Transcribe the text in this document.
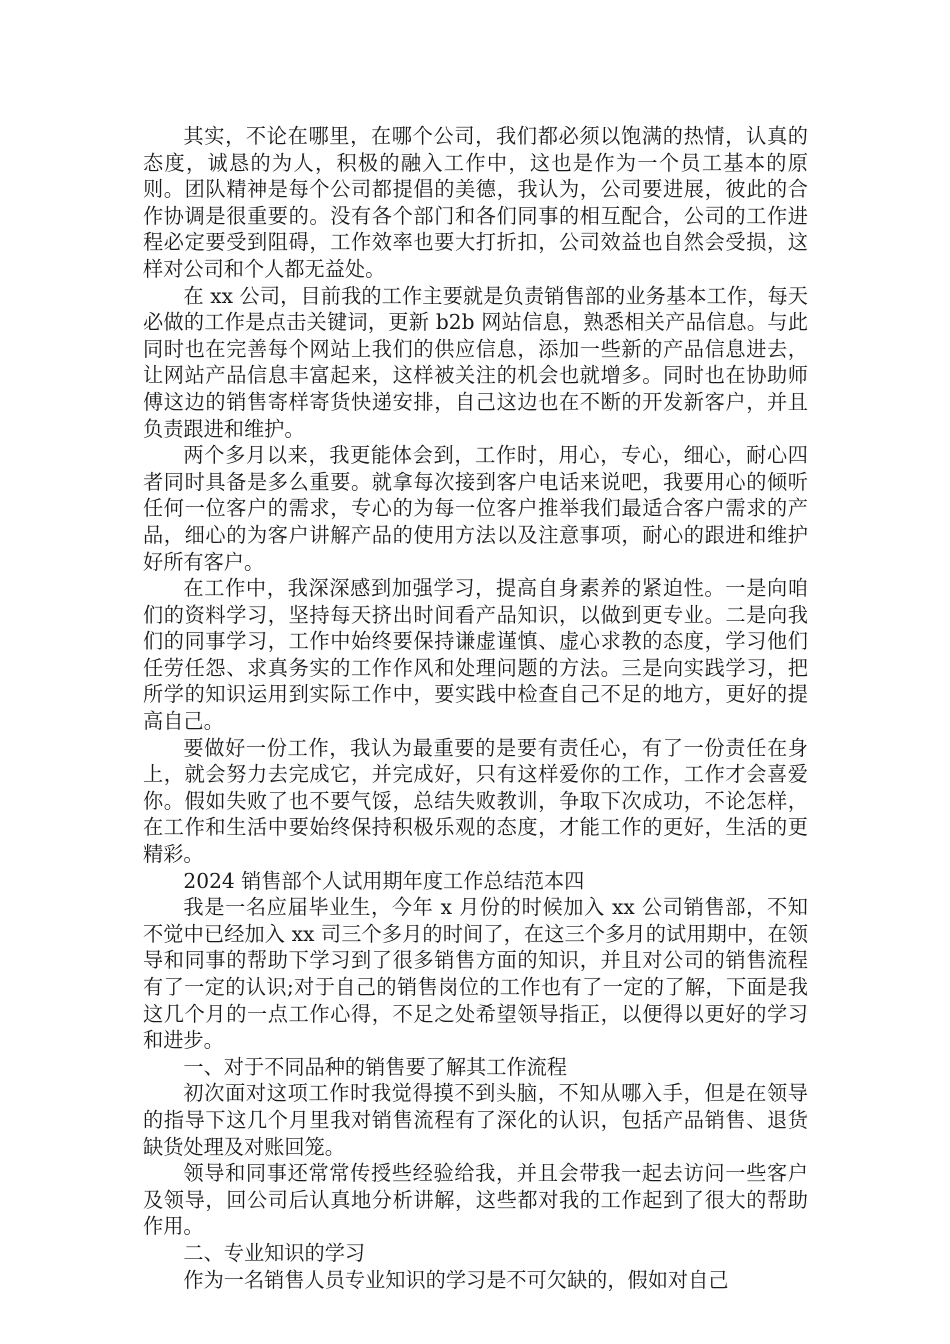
其实，不论在哪里，在哪个公司，我们都必须以饱满的热情，认真的态度，诚恳的为人，积极的融入工作中，这也是作为一个员工基本的原则。团队精神是每个公司都提倡的美德，我认为，公司要进展，彼此的合作协调是很重要的。没有各个部门和各们同事的相互配合，公司的工作进程必定要受到阻碍，工作效率也要大打折扣，公司效益也自然会受损，这样对公司和个人都无益处。

在 xx 公司，目前我的工作主要就是负责销售部的业务基本工作，每天必做的工作是点击关键词，更新 b2b 网站信息，熟悉相关产品信息。与此同时也在完善每个网站上我们的供应信息，添加一些新的产品信息进去，让网站产品信息丰富起来，这样被关注的机会也就增多。同时也在协助师傅这边的销售寄样寄货快递安排，自己这边也在不断的开发新客户，并且负责跟进和维护。

两个多月以来，我更能体会到，工作时，用心，专心，细心，耐心四者同时具备是多么重要。就拿每次接到客户电话来说吧，我要用心的倾听任何一位客户的需求，专心的为每一位客户推举我们最适合客户需求的产品，细心的为客户讲解产品的使用方法以及注意事项，耐心的跟进和维护好所有客户。

在工作中，我深深感到加强学习，提高自身素养的紧迫性。一是向咱们的资料学习，坚持每天挤出时间看产品知识，以做到更专业。二是向我们的同事学习，工作中始终要保持谦虚谨慎、虚心求教的态度，学习他们任劳任怨、求真务实的工作作风和处理问题的方法。三是向实践学习，把所学的知识运用到实际工作中，要实践中检查自己不足的地方，更好的提高自己。

要做好一份工作，我认为最重要的是要有责任心，有了一份责任在身上，就会努力去完成它，并完成好，只有这样爱你的工作，工作才会喜爱你。假如失败了也不要气馁，总结失败教训，争取下次成功，不论怎样，在工作和生活中要始终保持积极乐观的态度，才能工作的更好，生活的更精彩。

2024 销售部个人试用期年度工作总结范本四

我是一名应届毕业生，今年 x 月份的时候加入 xx 公司销售部，不知不觉中已经加入 xx 司三个多月的时间了，在这三个多月的试用期中，在领导和同事的帮助下学习到了很多销售方面的知识，并且对公司的销售流程有了一定的认识;对于自己的销售岗位的工作也有了一定的了解，下面是我这几个月的一点工作心得，不足之处希望领导指正，以便得以更好的学习和进步。

一、对于不同品种的销售要了解其工作流程

初次面对这项工作时我觉得摸不到头脑，不知从哪入手，但是在领导的指导下这几个月里我对销售流程有了深化的认识，包括产品销售、退货缺货处理及对账回笼。

领导和同事还常常传授些经验给我，并且会带我一起去访问一些客户及领导，回公司后认真地分析讲解，这些都对我的工作起到了很大的帮助作用。

二、专业知识的学习

作为一名销售人员专业知识的学习是不可欠缺的，假如对自己
